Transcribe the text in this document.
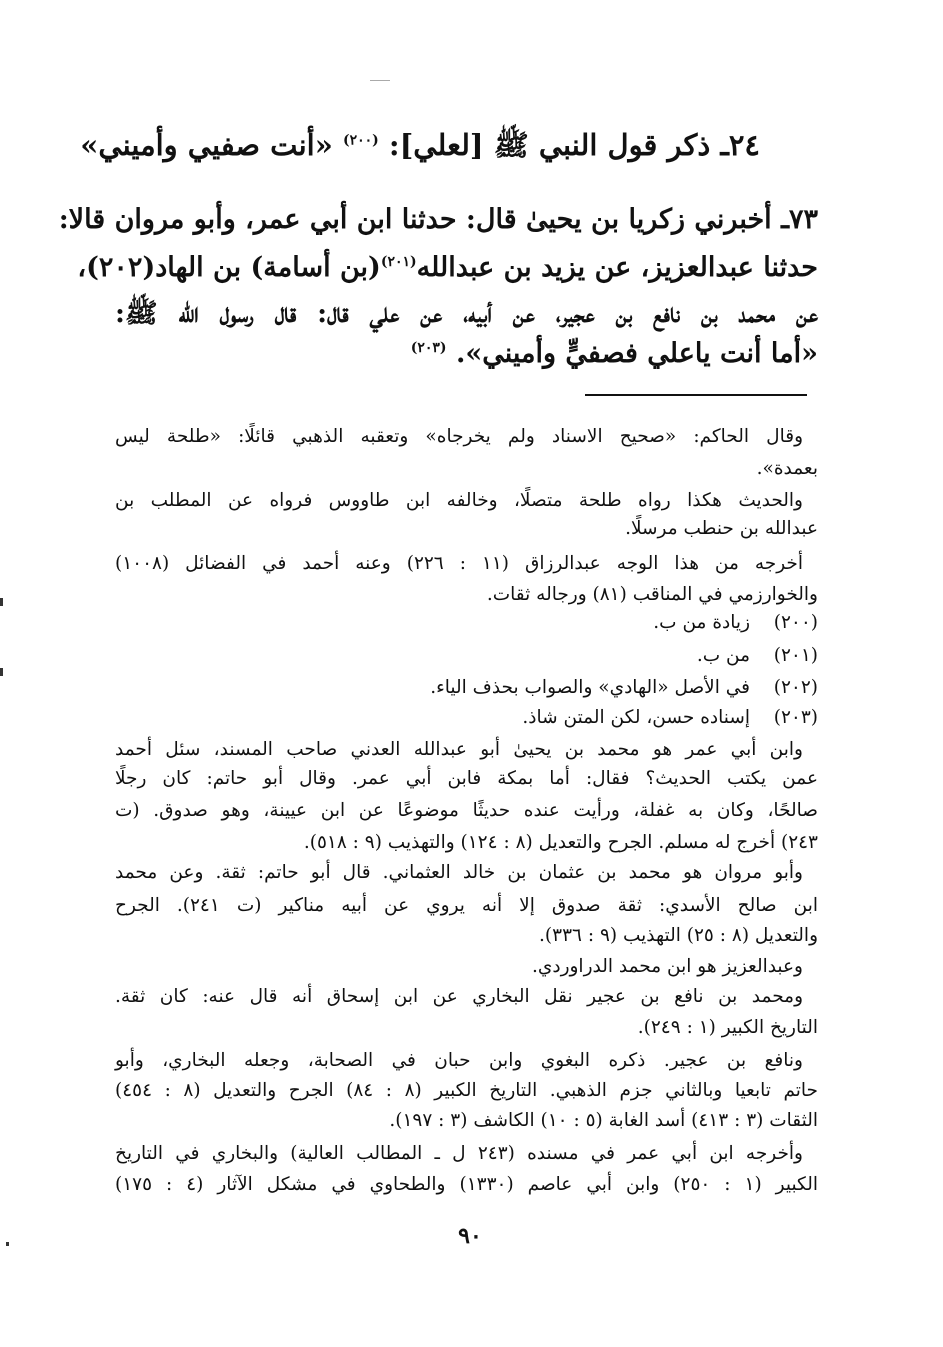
٢٤ـ ذكر قول النبي ﷺ [لعلي]: $^{(٢٠٠)}$ «أنت صفيي وأميني»
٧٣ـ أخبرني زكريا بن يحيىٰ قال: حدثنا ابن أبي عمر، وأبو مروان قالا:
حدثنا عبدالعزيز، عن يزيد بن عبدالله$^{(٢٠١)}$(بن أسامة) بن الهاد(٢٠٢)،
عن محمد بن نافع بن عجير، عن أبيه، عن علي قال: قال رسول الله ﷺ:
«أما أنت ياعلي فصفيٍّ وأميني». $^{(٢٠٣)}$
وقال الحاكم: «صحيح الاسناد ولم يخرجاه» وتعقبه الذهبي قائلًا: «طلحة ليس
بعمدة».
والحديث هكذا رواه طلحة متصلًا، وخالفه ابن طاووس فرواه عن المطلب بن
عبدالله بن حنطب مرسلًا.
أخرجه من هذا الوجه عبدالرزاق (١١ : ٢٢٦) وعنه أحمد في الفضائل (١٠٠٨)
والخوارزمي في المناقب (٨١) ورجاله ثقات.
(٢٠٠)
زيادة من ب.
(٢٠١)
من ب.
(٢٠٢)
في الأصل «الهادي» والصواب بحذف الياء.
(٢٠٣)
إسناده حسن، لكن المتن شاذ.
وابن أبي عمر هو محمد بن يحيىٰ أبو عبدالله العدني صاحب المسند، سئل أحمد
عمن يكتب الحديث؟ فقال: أما بمكة فابن أبي عمر. وقال أبو حاتم: كان رجلًا
صالحًا، وكان به غفلة، ورأيت عنده حديثًا موضوعًا عن ابن عيينة، وهو صدوق. (ت
٢٤٣) أخرج له مسلم. الجرح والتعديل (٨ : ١٢٤) والتهذيب (٩ : ٥١٨).
وأبو مروان هو محمد بن عثمان بن خالد العثماني. قال أبو حاتم: ثقة. وعن محمد
ابن صالح الأسدي: ثقة صدوق إلا أنه يروي عن أبيه مناكير (ت ٢٤١). الجرح
والتعديل (٨ : ٢٥) التهذيب (٩ : ٣٣٦).
وعبدالعزيز هو ابن محمد الدراوردي.
ومحمد بن نافع بن عجير نقل البخاري عن ابن إسحاق أنه قال عنه: كان ثقة.
التاريخ الكبير (١ : ٢٤٩).
ونافع بن عجير. ذكره البغوي وابن حبان في الصحابة، وجعله البخاري، وأبو
حاتم تابعيا وبالثاني جزم الذهبي. التاريخ الكبير (٨ : ٨٤) الجرح والتعديل (٨ : ٤٥٤)
الثقات (٣ : ٤١٣) أسد الغابة (٥ : ١٠) الكاشف (٣ : ١٩٧).
وأخرجه ابن أبي عمر في مسنده (٢٤٣ ل ـ المطالب العالية) والبخاري في التاريخ
الكبير (١ : ٢٥٠) وابن أبي عاصم (١٣٣٠) والطحاوي في مشكل الآثار (٤ : ١٧٥)
٩٠
